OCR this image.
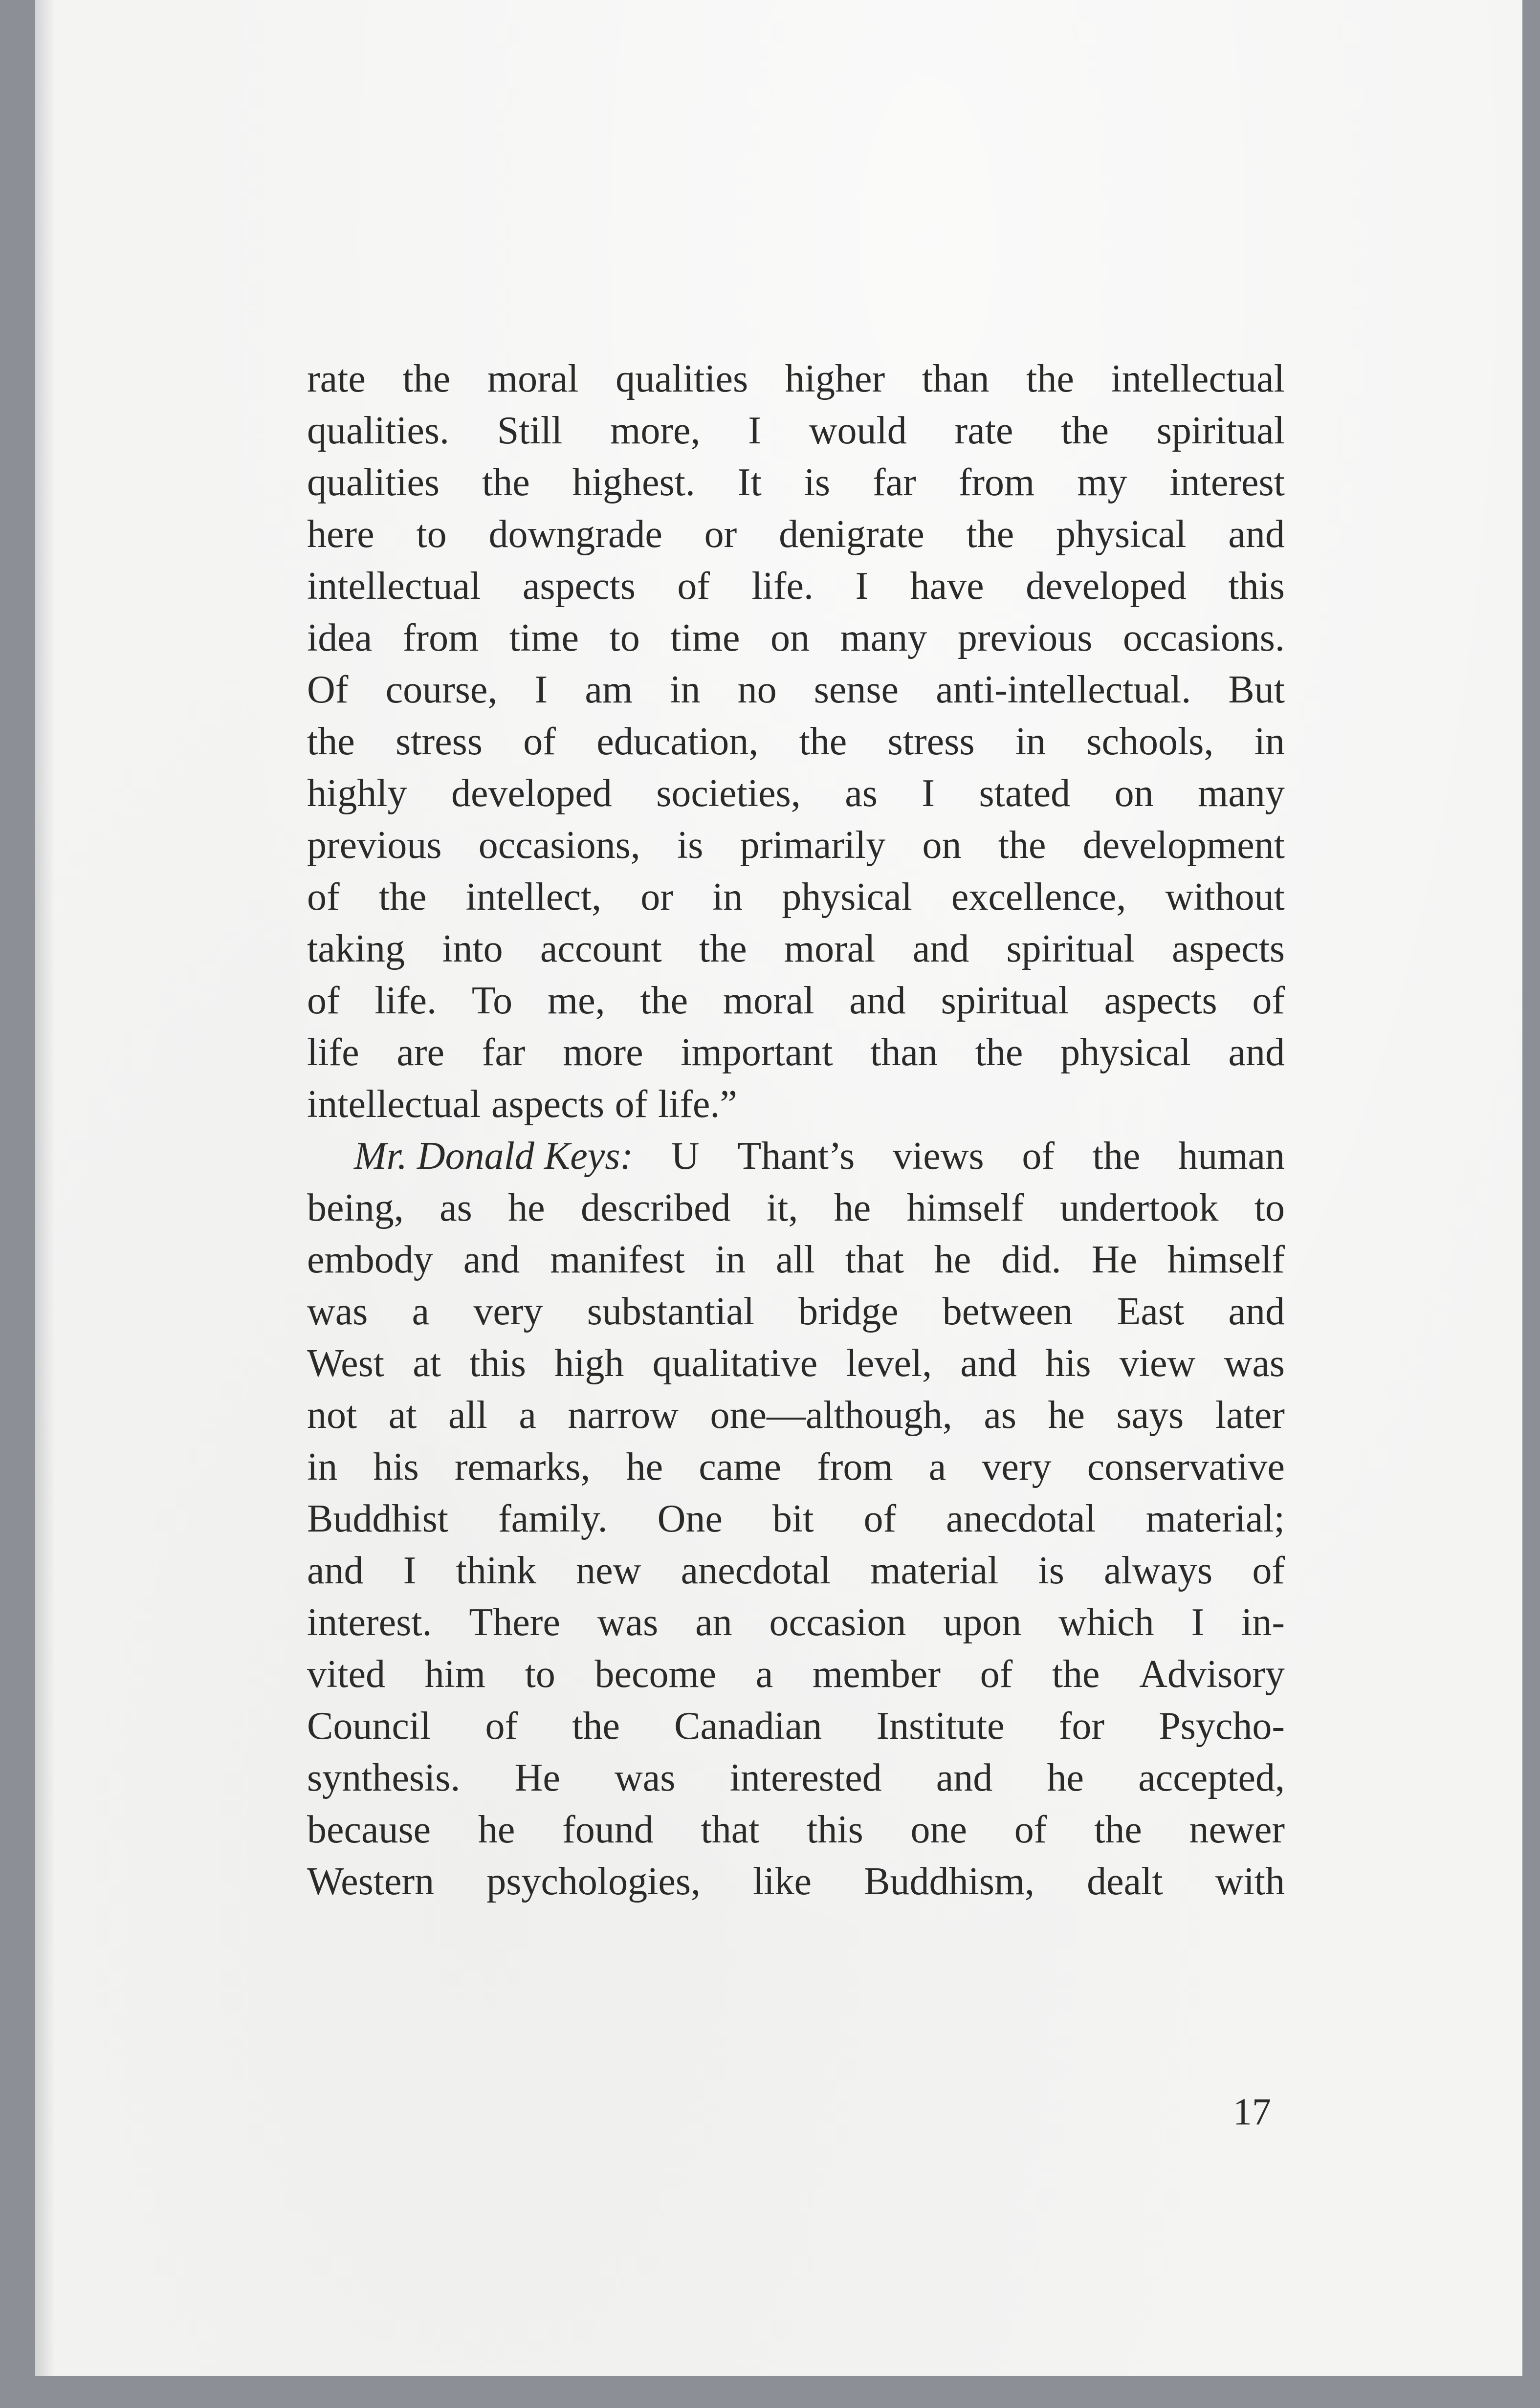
rate the moral qualities higher than the intellectual
qualities. Still more, I would rate the spiritual
qualities the highest. It is far from my interest
here to downgrade or denigrate the physical and
intellectual aspects of life. I have developed this
idea from time to time on many previous occasions.
Of course, I am in no sense anti-intellectual. But
the stress of education, the stress in schools, in
highly developed societies, as I stated on many
previous occasions, is primarily on the development
of the intellect, or in physical excellence, without
taking into account the moral and spiritual aspects
of life. To me, the moral and spiritual aspects of
life are far more important than the physical and
intellectual aspects of life.”
Mr. Donald Keys: U Thant’s views of the human
being, as he described it, he himself undertook to
embody and manifest in all that he did. He himself
was a very substantial bridge between East and
West at this high qualitative level, and his view was
not at all a narrow one—although, as he says later
in his remarks, he came from a very conservative
Buddhist family. One bit of anecdotal material;
and I think new anecdotal material is always of
interest. There was an occasion upon which I in-
vited him to become a member of the Advisory
Council of the Canadian Institute for Psycho-
synthesis. He was interested and he accepted,
because he found that this one of the newer
Western psychologies, like Buddhism, dealt with
17
